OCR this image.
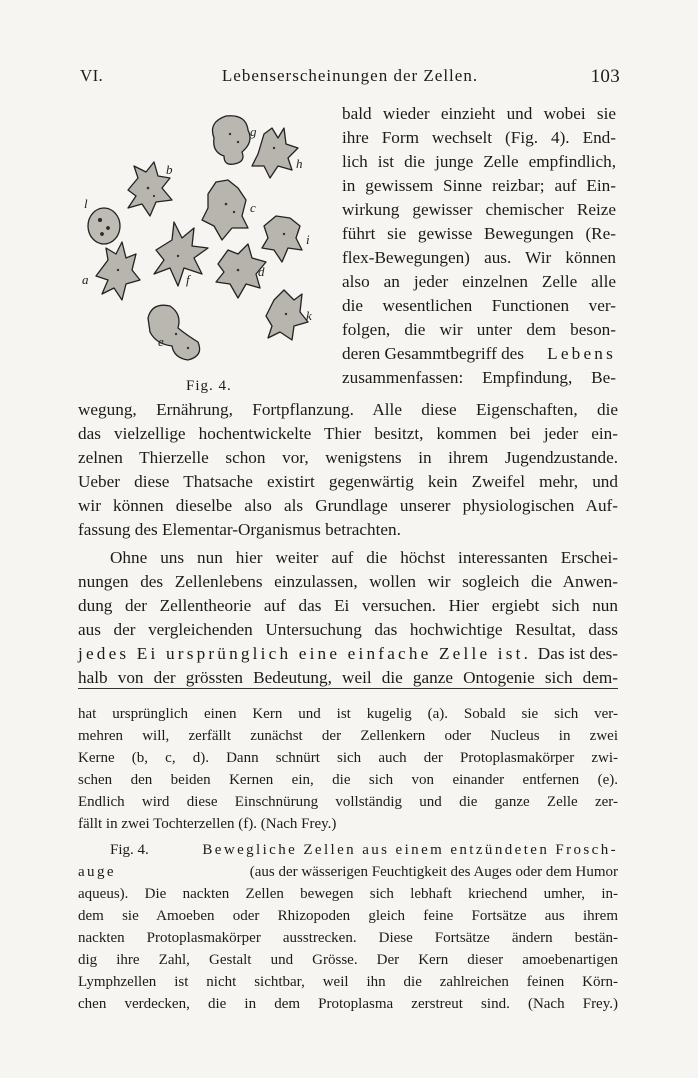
VI.	Lebenserscheinungen der Zellen.	103
l
a
b
c
d
e
f
g
h
i
k
Fig. 4.
bald wieder einzieht und wobei sie
ihre Form wechselt (Fig. 4). End-
lich ist die junge Zelle empfindlich,
in gewissem Sinne reizbar; auf Ein-
wirkung gewisser chemischer Reize
führt sie gewisse Bewegungen (Re-
flex-Bewegungen) aus. Wir können
also an jeder einzelnen Zelle alle
die wesentlichen Functionen ver-
folgen, die wir unter dem beson-
deren Gesammtbegriff des Lebens
zusammenfassen: Empfindung, Be-
wegung, Ernährung, Fortpflanzung. Alle diese Eigenschaften, die
das vielzellige hochentwickelte Thier besitzt, kommen bei jeder ein-
zelnen Thierzelle schon vor, wenigstens in ihrem Jugendzustande.
Ueber diese Thatsache existirt gegenwärtig kein Zweifel mehr, und
wir können dieselbe also als Grundlage unserer physiologischen Auf-
fassung des Elementar-Organismus betrachten.
Ohne uns nun hier weiter auf die höchst interessanten Erschei-
nungen des Zellenlebens einzulassen, wollen wir sogleich die Anwen-
dung der Zellentheorie auf das Ei versuchen. Hier ergiebt sich nun
aus der vergleichenden Untersuchung das hochwichtige Resultat, dass
jedes Ei ursprünglich eine einfache Zelle ist. Das ist des-
halb von der grössten Bedeutung, weil die ganze Ontogenie sich dem-
hat ursprünglich einen Kern und ist kugelig (a). Sobald sie sich ver-
mehren will, zerfällt zunächst der Zellenkern oder Nucleus in zwei
Kerne (b, c, d). Dann schnürt sich auch der Protoplasmakörper zwi-
schen den beiden Kernen ein, die sich von einander entfernen (e).
Endlich wird diese Einschnürung vollständig und die ganze Zelle zer-
fällt in zwei Tochterzellen (f). (Nach Frey.)
Fig. 4.	Bewegliche Zellen aus einem entzündeten Frosch-
auge	(aus der wässerigen Feuchtigkeit des Auges oder dem Humor
aqueus). Die nackten Zellen bewegen sich lebhaft kriechend umher, in-
dem sie Amoeben oder Rhizopoden gleich feine Fortsätze aus ihrem
nackten Protoplasmakörper ausstrecken. Diese Fortsätze ändern bestän-
dig ihre Zahl, Gestalt und Grösse. Der Kern dieser amoebenartigen
Lymphzellen ist nicht sichtbar, weil ihn die zahlreichen feinen Körn-
chen verdecken, die in dem Protoplasma zerstreut sind. (Nach Frey.)
